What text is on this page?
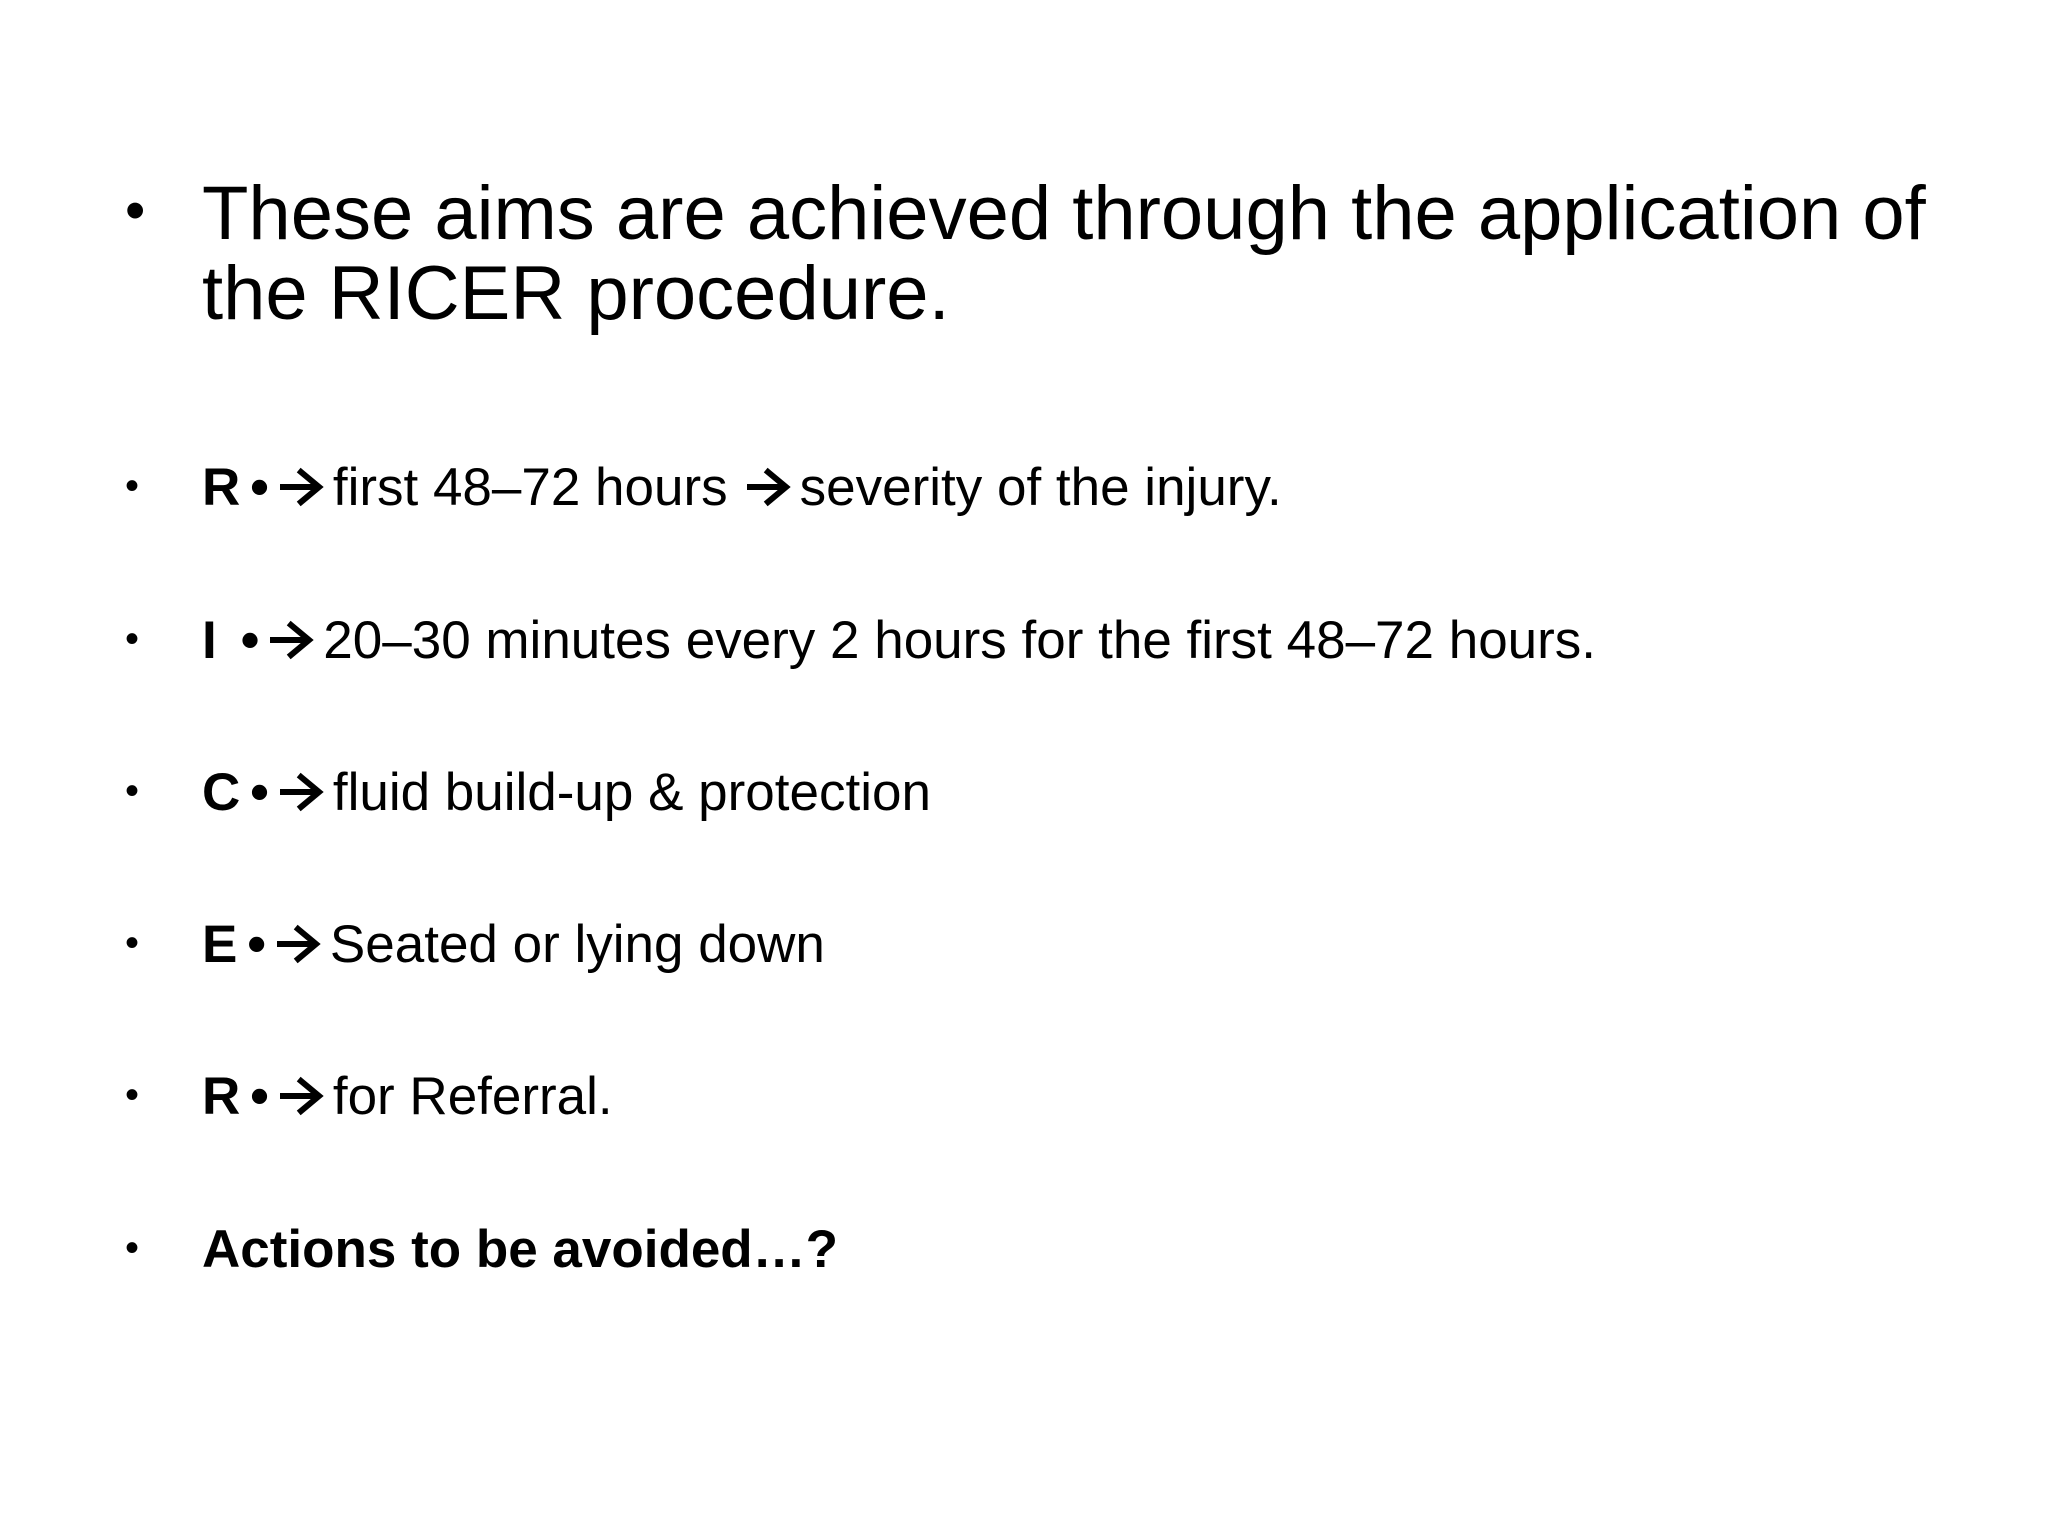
• These aims are achieved through the application of the RICER procedure.
• R • first 48–72 hours severity of the injury.
• I • 20–30 minutes every 2 hours for the first 48–72 hours.
• C • fluid build-up & protection
• E • Seated or lying down
• R • for Referral.
• Actions to be avoided…?
